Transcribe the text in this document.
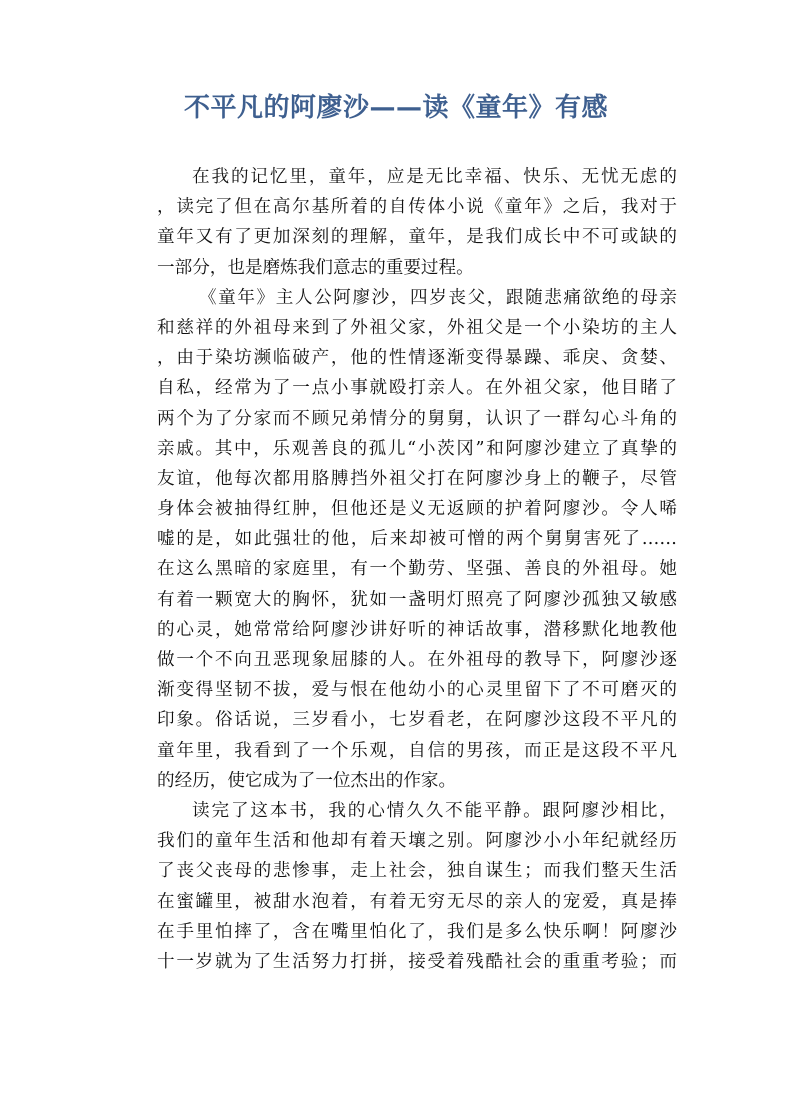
不平凡的阿廖沙——读《童年》有感
在我的记忆里，童年，应是无比幸福、快乐、无忧无虑的
，读完了但在高尔基所着的自传体小说《童年》之后，我对于
童年又有了更加深刻的理解，童年，是我们成长中不可或缺的
一部分，也是磨炼我们意志的重要过程。
《童年》主人公阿廖沙，四岁丧父，跟随悲痛欲绝的母亲
和慈祥的外祖母来到了外祖父家，外祖父是一个小染坊的主人
，由于染坊濒临破产，他的性情逐渐变得暴躁、乖戾、贪婪、
自私，经常为了一点小事就殴打亲人。在外祖父家，他目睹了
两个为了分家而不顾兄弟情分的舅舅，认识了一群勾心斗角的
亲戚。其中，乐观善良的孤儿“小茨冈”和阿廖沙建立了真挚的
友谊，他每次都用胳膊挡外祖父打在阿廖沙身上的鞭子，尽管
身体会被抽得红肿，但他还是义无返顾的护着阿廖沙。令人唏
嘘的是，如此强壮的他，后来却被可憎的两个舅舅害死了……
在这么黑暗的家庭里，有一个勤劳、坚强、善良的外祖母。她
有着一颗宽大的胸怀，犹如一盏明灯照亮了阿廖沙孤独又敏感
的心灵，她常常给阿廖沙讲好听的神话故事，潜移默化地教他
做一个不向丑恶现象屈膝的人。在外祖母的教导下，阿廖沙逐
渐变得坚韧不拔，爱与恨在他幼小的心灵里留下了不可磨灭的
印象。俗话说，三岁看小，七岁看老，在阿廖沙这段不平凡的
童年里，我看到了一个乐观，自信的男孩，而正是这段不平凡
的经历，使它成为了一位杰出的作家。
读完了这本书，我的心情久久不能平静。跟阿廖沙相比，
我们的童年生活和他却有着天壤之别。阿廖沙小小年纪就经历
了丧父丧母的悲惨事，走上社会，独自谋生；而我们整天生活
在蜜罐里，被甜水泡着，有着无穷无尽的亲人的宠爱，真是捧
在手里怕摔了，含在嘴里怕化了，我们是多么快乐啊！阿廖沙
十一岁就为了生活努力打拼，接受着残酷社会的重重考验；而
